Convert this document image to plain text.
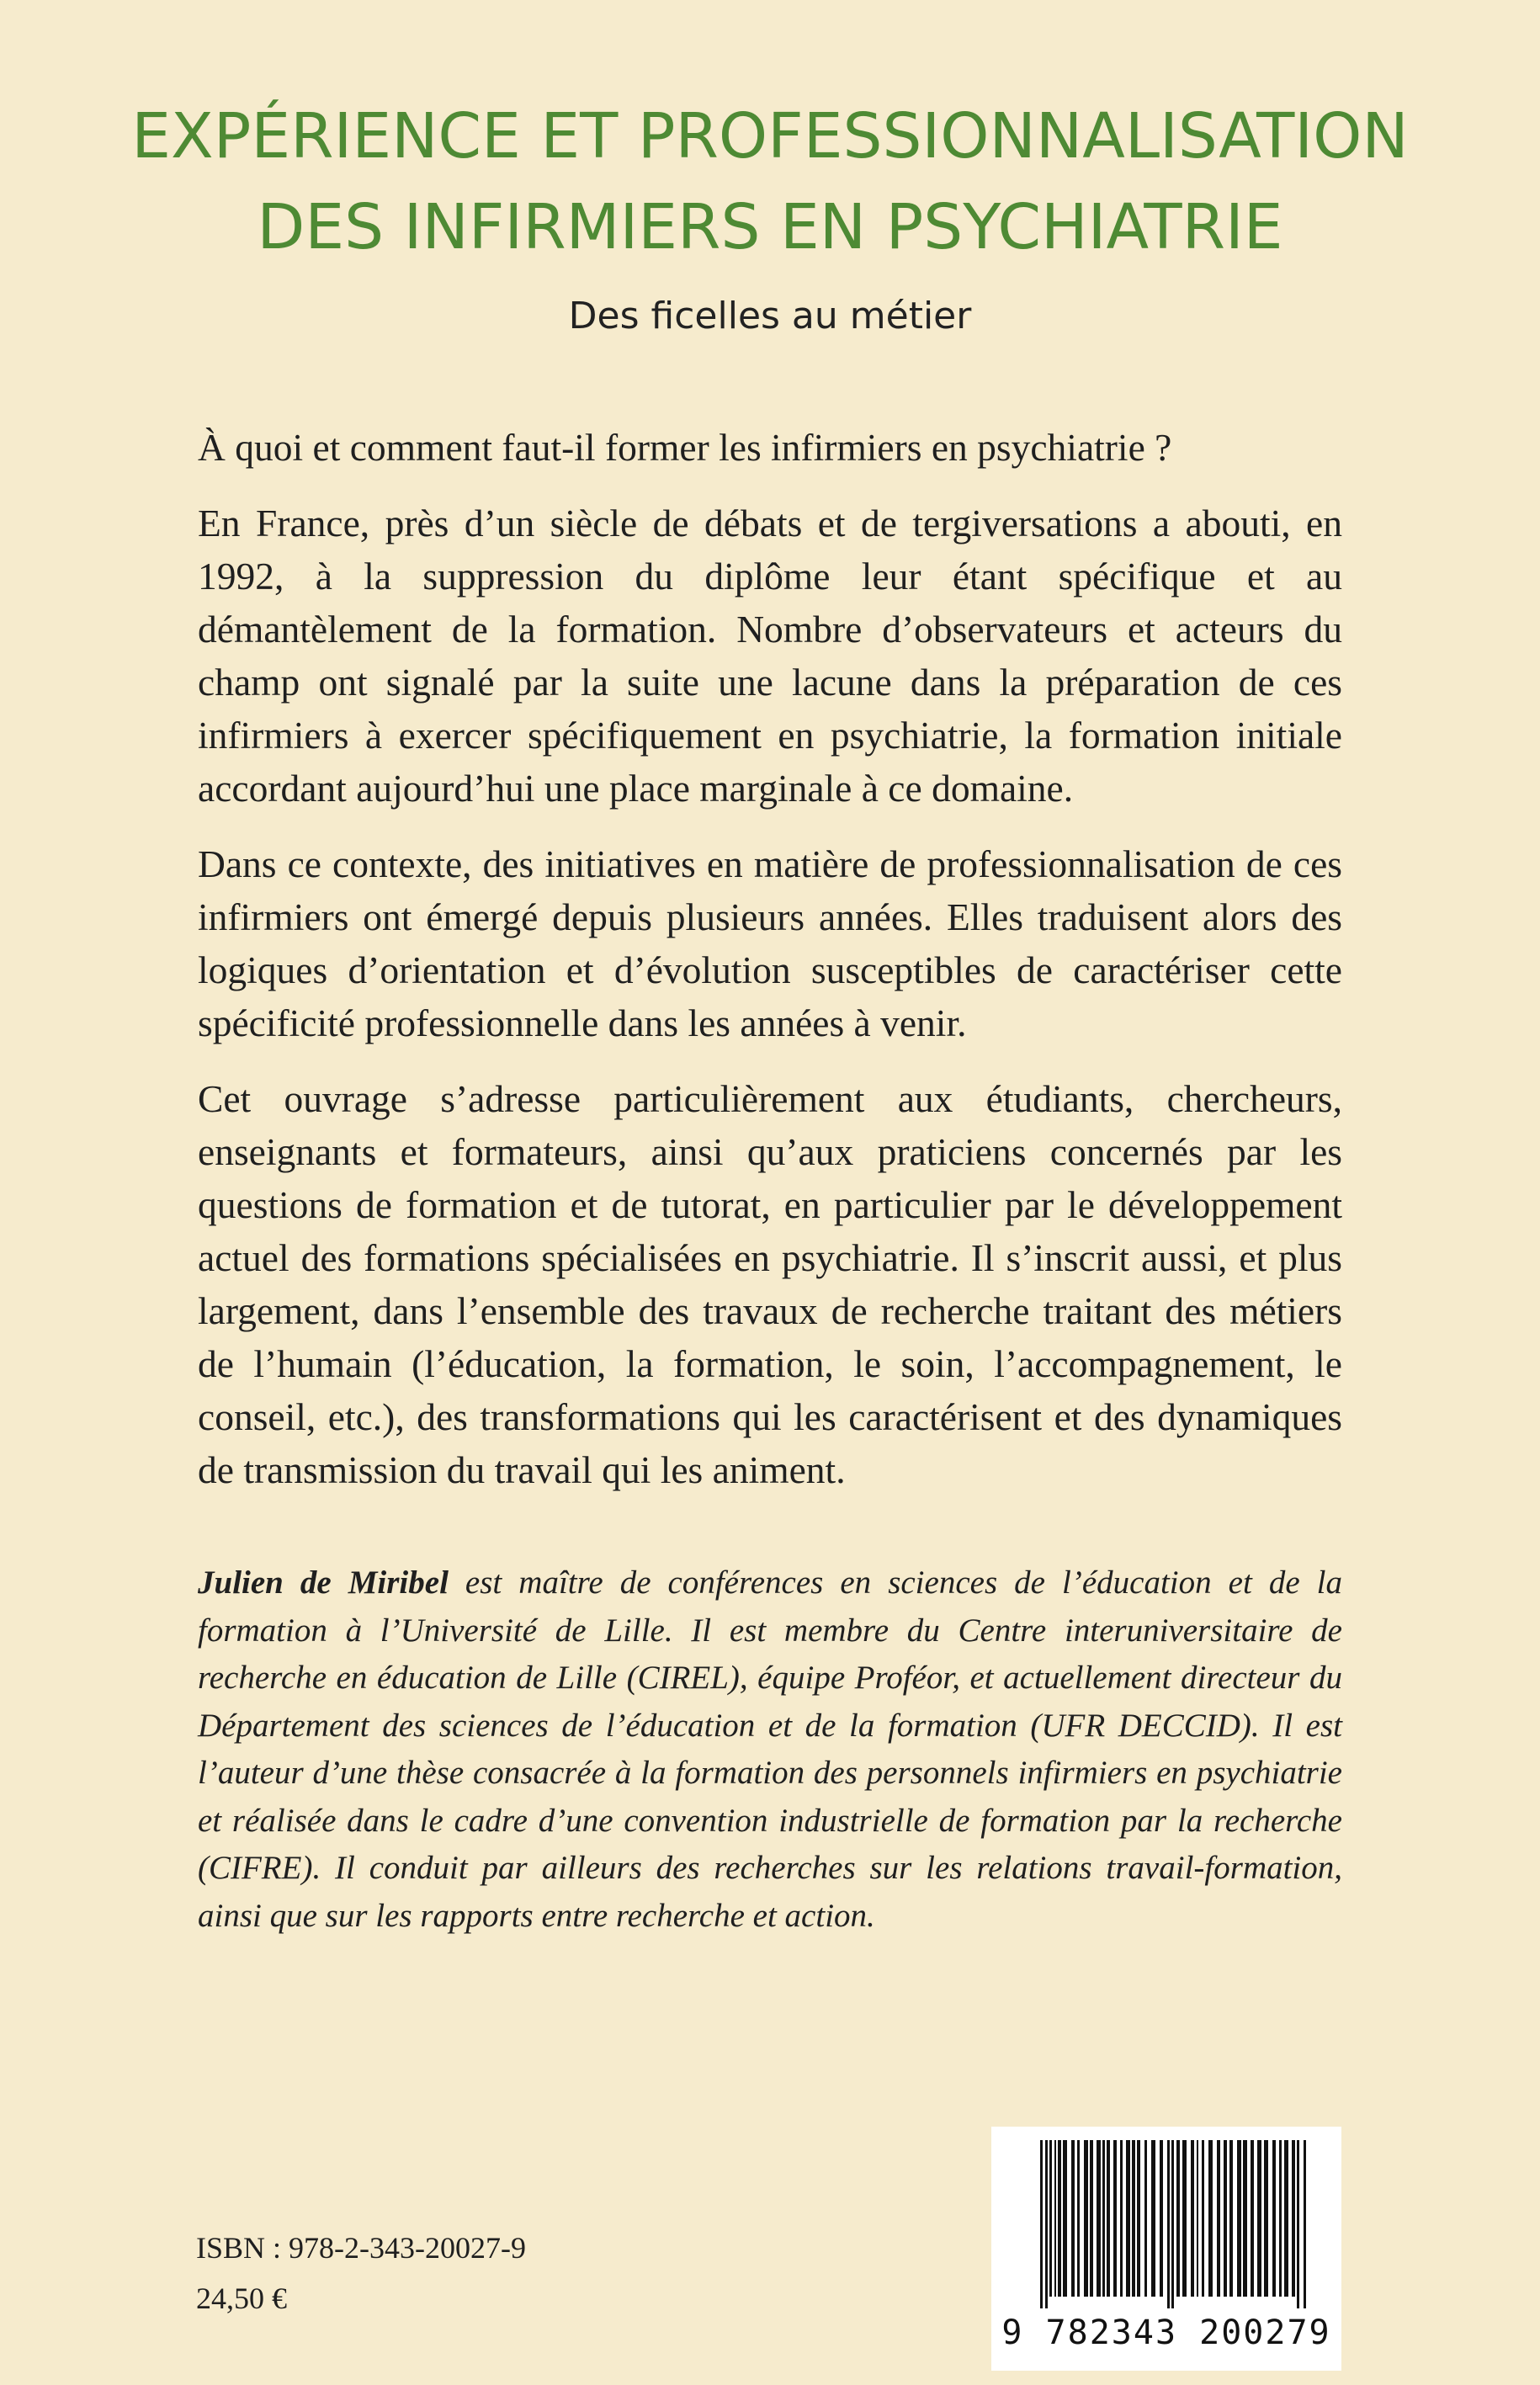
EXPÉRIENCE ET PROFESSIONNALISATION
DES INFIRMIERS EN PSYCHIATRIE
Des ficelles au métier

À quoi et comment faut-il former les infirmiers en psychiatrie ?

En France, près d’un siècle de débats et de tergiversations a abouti, en 1992, à la suppression du diplôme leur étant spécifique et au démantèlement de la formation. Nombre d’observateurs et acteurs du champ ont signalé par la suite une lacune dans la préparation de ces infirmiers à exercer spécifiquement en psychiatrie, la formation initiale accordant aujourd’hui une place marginale à ce domaine.

Dans ce contexte, des initiatives en matière de professionnalisation de ces infirmiers ont émergé depuis plusieurs années. Elles traduisent alors des logiques d’orientation et d’évolution susceptibles de caractériser cette spécificité professionnelle dans les années à venir.

Cet ouvrage s’adresse particulièrement aux étudiants, chercheurs, enseignants et formateurs, ainsi qu’aux praticiens concernés par les questions de formation et de tutorat, en particulier par le développement actuel des formations spécialisées en psychiatrie. Il s’inscrit aussi, et plus largement, dans l’ensemble des travaux de recherche traitant des métiers de l’humain (l’éducation, la formation, le soin, l’accompagnement, le conseil, etc.), des transformations qui les caractérisent et des dynamiques de transmission du travail qui les animent.

Julien de Miribel est maître de conférences en sciences de l’éducation et de la formation à l’Université de Lille. Il est membre du Centre interuniversitaire de recherche en éducation de Lille (CIREL), équipe Proféor, et actuellement directeur du Département des sciences de l’éducation et de la formation (UFR DECCID). Il est l’auteur d’une thèse consacrée à la formation des personnels infirmiers en psychiatrie et réalisée dans le cadre d’une convention industrielle de formation par la recherche (CIFRE). Il conduit par ailleurs des recherches sur les relations travail-formation, ainsi que sur les rapports entre recherche et action.
ISBN : 978-2-343-20027-9
24,50 €
9 782343 200279
